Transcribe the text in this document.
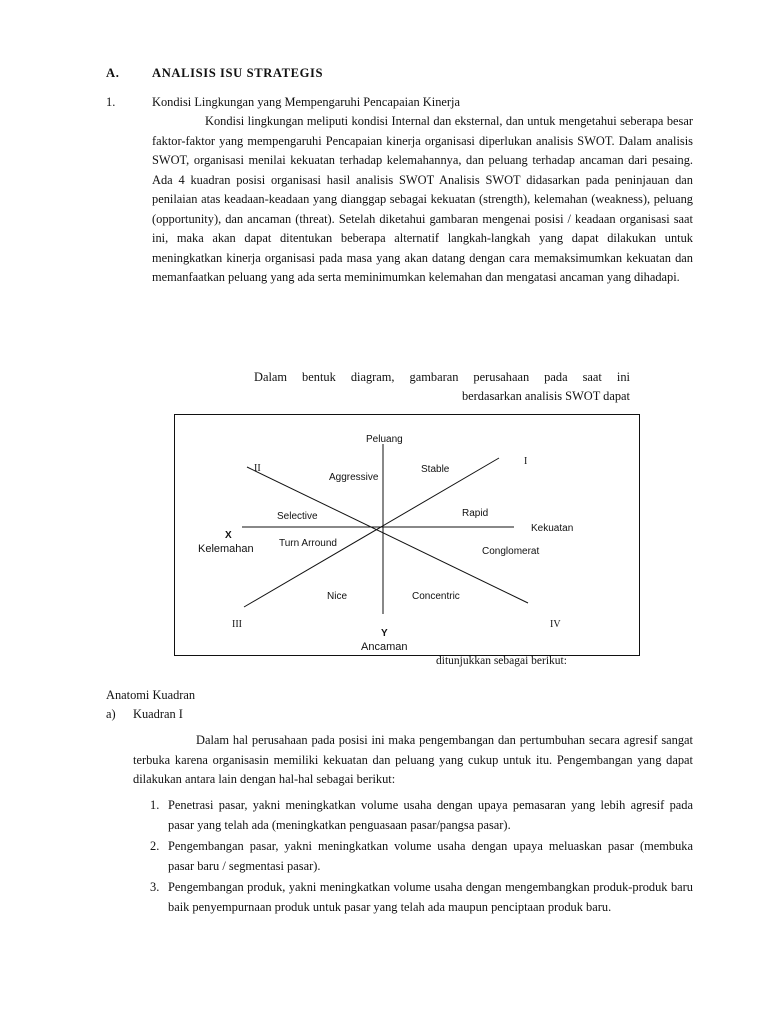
A.	ANALISIS ISU STRATEGIS
1.	Kondisi Lingkungan yang Mempengaruhi Pencapaian Kinerja

Kondisi lingkungan meliputi kondisi Internal dan eksternal, dan untuk mengetahui seberapa besar faktor-faktor yang mempengaruhi Pencapaian kinerja organisasi diperlukan analisis SWOT. Dalam analisis SWOT, organisasi menilai kekuatan terhadap kelemahannya, dan peluang terhadap ancaman dari pesaing. Ada 4 kuadran posisi organisasi hasil analisis SWOT Analisis SWOT didasarkan pada peninjauan dan penilaian atas keadaan-keadaan yang dianggap sebagai kekuatan (strength), kelemahan (weakness), peluang (opportunity), dan ancaman (threat). Setelah diketahui gambaran mengenai posisi / keadaan organisasi saat ini, maka akan dapat ditentukan beberapa alternatif langkah-langkah yang dapat dilakukan untuk meningkatkan kinerja organisasi pada masa yang akan datang dengan cara memaksimumkan kekuatan dan memanfaatkan peluang yang ada serta meminimumkan kelemahan dan mengatasi ancaman yang dihadapi.

Dalam bentuk diagram, gambaran perusahaan pada saat ini
berdasarkan analisis SWOT dapat
Peluang
Kekuatan
X
Kelemahan
Y
Ancaman
I
II
III	IV
Aggressive
Stable
Selective	Rapid
Turn Arround
Conglomerat
Nice	Concentric
ditunjukkan sebagai berikut:
Anatomi Kuadran
a) Kuadran I

Dalam hal perusahaan pada posisi ini maka pengembangan dan pertumbuhan secara agresif sangat terbuka karena organisasin memiliki kekuatan dan peluang yang cukup untuk itu. Pengembangan yang dapat dilakukan antara lain dengan hal-hal sebagai berikut:

1. Penetrasi pasar, yakni meningkatkan volume usaha dengan upaya pemasaran yang lebih agresif pada pasar yang telah ada (meningkatkan penguasaan pasar/pangsa pasar).
2. Pengembangan pasar, yakni meningkatkan volume usaha dengan upaya meluaskan pasar (membuka pasar baru / segmentasi pasar).
3. Pengembangan produk, yakni meningkatkan volume usaha dengan mengembangkan produk-produk baru baik penyempurnaan produk untuk pasar yang telah ada maupun penciptaan produk baru.
